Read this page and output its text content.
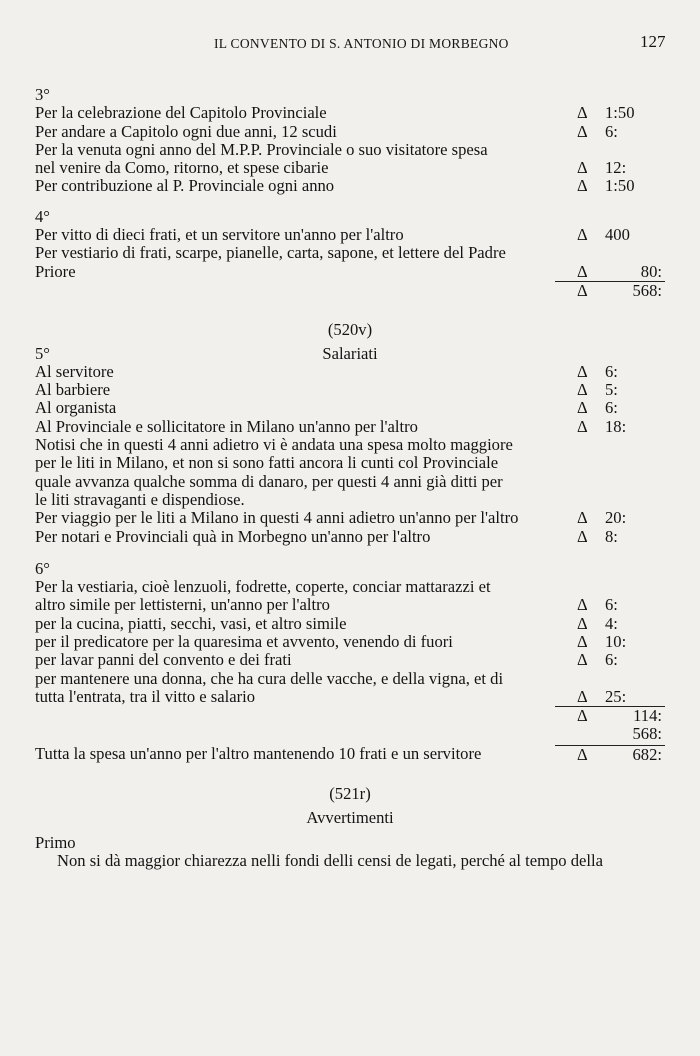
IL CONVENTO DI S. ANTONIO DI MORBEGNO	127
3°
Per la celebrazione del Capitolo Provinciale	Δ 1:50
Per andare a Capitolo ogni due anni, 12 scudi	Δ 6:
Per la venuta ogni anno del M.P.P. Provinciale o suo visitatore spesa
nel venire da Como, ritorno, et spese cibarie	Δ 12:
Per contribuzione al P. Provinciale ogni anno	Δ 1:50
4°
Per vitto di dieci frati, et un servitore un'anno per l'altro	Δ 400
Per vestiario di frati, scarpe, pianelle, carta, sapone, et lettere del Padre
Priore	Δ	80:
Δ	568:
(520v)
5°	Salariati
Al servitore	Δ 6:
Al barbiere	Δ 5:
Al organista	Δ 6:
Al Provinciale e sollicitatore in Milano un'anno per l'altro	Δ 18:
Notisi che in questi 4 anni adietro vi è andata una spesa molto maggiore
per le liti in Milano, et non si sono fatti ancora li cunti col Provinciale
quale avvanza qualche somma di danaro, per questi 4 anni già ditti per
le liti stravaganti e dispendiose.
Per viaggio per le liti a Milano in questi 4 anni adietro un'anno per l'altro	Δ 20:
Per notari e Provinciali quà in Morbegno un'anno per l'altro	Δ 8:
6°
Per la vestiaria, cioè lenzuoli, fodrette, coperte, conciar mattarazzi et
altro simile per lettisterni, un'anno per l'altro	Δ 6:
per la cucina, piatti, secchi, vasi, et altro simile	Δ 4:
per il predicatore per la quaresima et avvento, venendo di fuori	Δ 10:
per lavar panni del convento e dei frati	Δ 6:
per mantenere una donna, che ha cura delle vacche, e della vigna, et di
tutta l'entrata, tra il vitto e salario	Δ 25:
Δ	114:
568:
Tutta la spesa un'anno per l'altro mantenendo 10 frati e un servitore	Δ	682:
(521r)
Avvertimenti
Primo
Non si dà maggior chiarezza nelli fondi delli censi de legati, perché al tempo della
